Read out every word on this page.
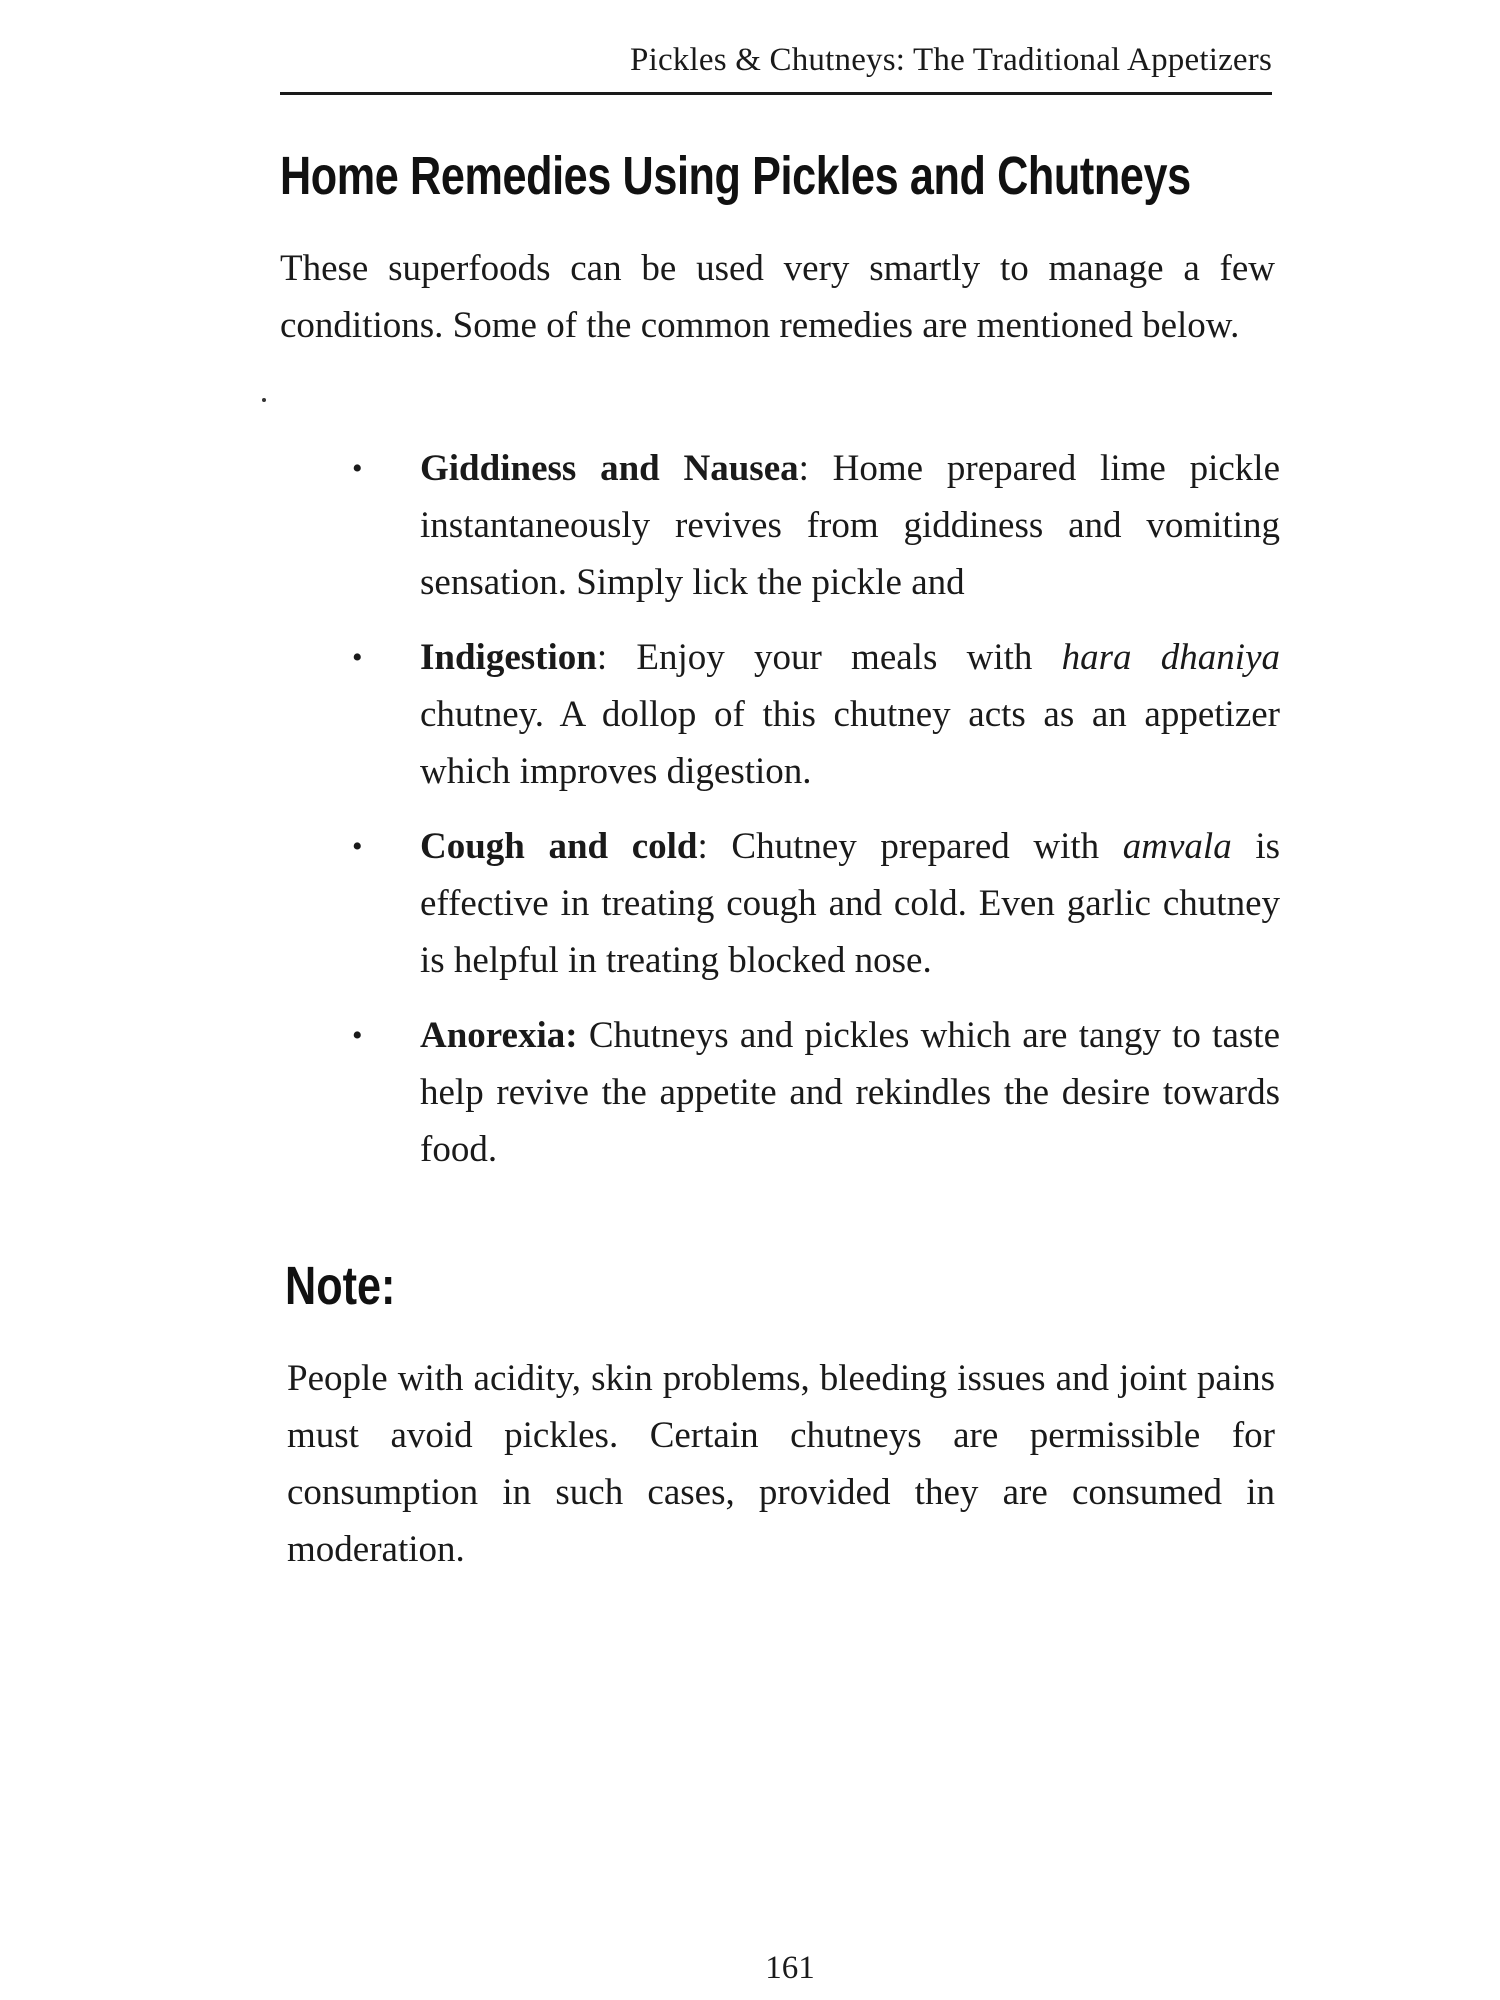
Pickles & Chutneys: The Traditional Appetizers
Home Remedies Using Pickles and Chutneys

These superfoods can be used very smartly to manage a few conditions. Some of the common remedies are mentioned below.

• Giddiness and Nausea: Home prepared lime pickle instantaneously revives from giddiness and vomiting sensation. Simply lick the pickle and
• Indigestion: Enjoy your meals with hara dhaniya chutney. A dollop of this chutney acts as an appetizer which improves digestion.
• Cough and cold: Chutney prepared with amvala is effective in treating cough and cold. Even garlic chutney is helpful in treating blocked nose.
• Anorexia: Chutneys and pickles which are tangy to taste help revive the appetite and rekindles the desire towards food.
Note:

People with acidity, skin problems, bleeding issues and joint pains must avoid pickles. Certain chutneys are permissible for consumption in such cases, provided they are consumed in moderation.

161
